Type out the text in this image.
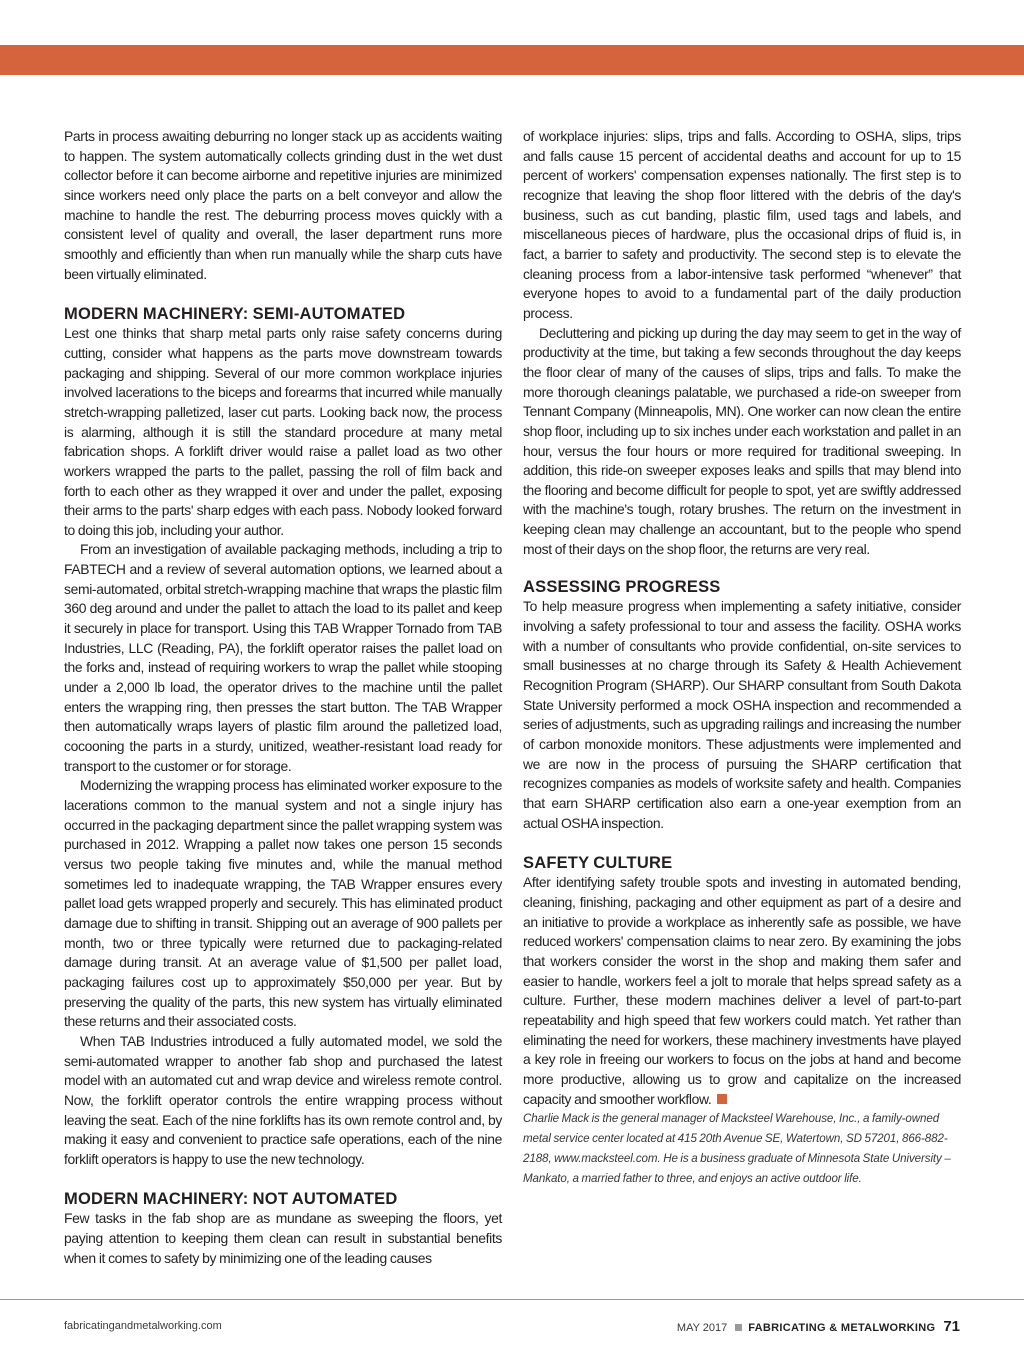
Parts in process awaiting deburring no longer stack up as accidents waiting to happen. The system automatically collects grinding dust in the wet dust collector before it can become airborne and repetitive injuries are minimized since workers need only place the parts on a belt conveyor and allow the machine to handle the rest. The deburring process moves quickly with a consistent level of quality and overall, the laser department runs more smoothly and efficiently than when run manually while the sharp cuts have been virtually eliminated.

MODERN MACHINERY: SEMI-AUTOMATED

Lest one thinks that sharp metal parts only raise safety concerns during cutting, consider what happens as the parts move downstream towards packaging and shipping. Several of our more common workplace injuries involved lacerations to the biceps and forearms that incurred while manually stretch-wrapping palletized, laser cut parts. Looking back now, the process is alarming, although it is still the standard procedure at many metal fabrication shops. A forklift driver would raise a pallet load as two other workers wrapped the parts to the pallet, passing the roll of film back and forth to each other as they wrapped it over and under the pallet, exposing their arms to the parts' sharp edges with each pass. Nobody looked forward to doing this job, including your author.

From an investigation of available packaging methods, including a trip to FABTECH and a review of several automation options, we learned about a semi-automated, orbital stretch-wrapping machine that wraps the plastic film 360 deg around and under the pallet to attach the load to its pallet and keep it securely in place for transport. Using this TAB Wrapper Tornado from TAB Industries, LLC (Reading, PA), the forklift operator raises the pallet load on the forks and, instead of requiring workers to wrap the pallet while stooping under a 2,000 lb load, the operator drives to the machine until the pallet enters the wrapping ring, then presses the start button. The TAB Wrapper then automatically wraps layers of plastic film around the palletized load, cocooning the parts in a sturdy, unitized, weather-resistant load ready for transport to the customer or for storage.

Modernizing the wrapping process has eliminated worker exposure to the lacerations common to the manual system and not a single injury has occurred in the packaging department since the pallet wrapping system was purchased in 2012. Wrapping a pallet now takes one person 15 seconds versus two people taking five minutes and, while the manual method sometimes led to inadequate wrapping, the TAB Wrapper ensures every pallet load gets wrapped properly and securely. This has eliminated product damage due to shifting in transit. Shipping out an average of 900 pallets per month, two or three typically were returned due to packaging-related damage during transit. At an average value of $1,500 per pallet load, packaging failures cost up to approximately $50,000 per year. But by preserving the quality of the parts, this new system has virtually eliminated these returns and their associated costs.

When TAB Industries introduced a fully automated model, we sold the semi-automated wrapper to another fab shop and purchased the latest model with an automated cut and wrap device and wireless remote control. Now, the forklift operator controls the entire wrapping process without leaving the seat. Each of the nine forklifts has its own remote control and, by making it easy and convenient to practice safe operations, each of the nine forklift operators is happy to use the new technology.

MODERN MACHINERY: NOT AUTOMATED

Few tasks in the fab shop are as mundane as sweeping the floors, yet paying attention to keeping them clean can result in substantial benefits when it comes to safety by minimizing one of the leading causes

of workplace injuries: slips, trips and falls. According to OSHA, slips, trips and falls cause 15 percent of accidental deaths and account for up to 15 percent of workers' compensation expenses nationally. The first step is to recognize that leaving the shop floor littered with the debris of the day's business, such as cut banding, plastic film, used tags and labels, and miscellaneous pieces of hardware, plus the occasional drips of fluid is, in fact, a barrier to safety and productivity. The second step is to elevate the cleaning process from a labor-intensive task performed “whenever” that everyone hopes to avoid to a fundamental part of the daily production process.

Decluttering and picking up during the day may seem to get in the way of productivity at the time, but taking a few seconds throughout the day keeps the floor clear of many of the causes of slips, trips and falls. To make the more thorough cleanings palatable, we purchased a ride-on sweeper from Tennant Company (Minneapolis, MN). One worker can now clean the entire shop floor, including up to six inches under each workstation and pallet in an hour, versus the four hours or more required for traditional sweeping. In addition, this ride-on sweeper exposes leaks and spills that may blend into the flooring and become difficult for people to spot, yet are swiftly addressed with the machine's tough, rotary brushes. The return on the investment in keeping clean may challenge an accountant, but to the people who spend most of their days on the shop floor, the returns are very real.

ASSESSING PROGRESS

To help measure progress when implementing a safety initiative, consider involving a safety professional to tour and assess the facility. OSHA works with a number of consultants who provide confidential, on-site services to small businesses at no charge through its Safety & Health Achievement Recognition Program (SHARP). Our SHARP consultant from South Dakota State University performed a mock OSHA inspection and recommended a series of adjustments, such as upgrading railings and increasing the number of carbon monoxide monitors. These adjustments were implemented and we are now in the process of pursuing the SHARP certification that recognizes companies as models of worksite safety and health. Companies that earn SHARP certification also earn a one-year exemption from an actual OSHA inspection.

SAFETY CULTURE

After identifying safety trouble spots and investing in automated bending, cleaning, finishing, packaging and other equipment as part of a desire and an initiative to provide a workplace as inherently safe as possible, we have reduced workers' compensation claims to near zero. By examining the jobs that workers consider the worst in the shop and making them safer and easier to handle, workers feel a jolt to morale that helps spread safety as a culture. Further, these modern machines deliver a level of part-to-part repeatability and high speed that few workers could match. Yet rather than eliminating the need for workers, these machinery investments have played a key role in freeing our workers to focus on the jobs at hand and become more productive, allowing us to grow and capitalize on the increased capacity and smoother workflow.

Charlie Mack is the general manager of Macksteel Warehouse, Inc., a family-owned metal service center located at 415 20th Avenue SE, Watertown, SD 57201, 866-882-2188, www.macksteel.com. He is a business graduate of Minnesota State University – Mankato, a married father to three, and enjoys an active outdoor life.

fabricatingandmetalworking.com	MAY 2017 FABRICATING & METALWORKING 71
